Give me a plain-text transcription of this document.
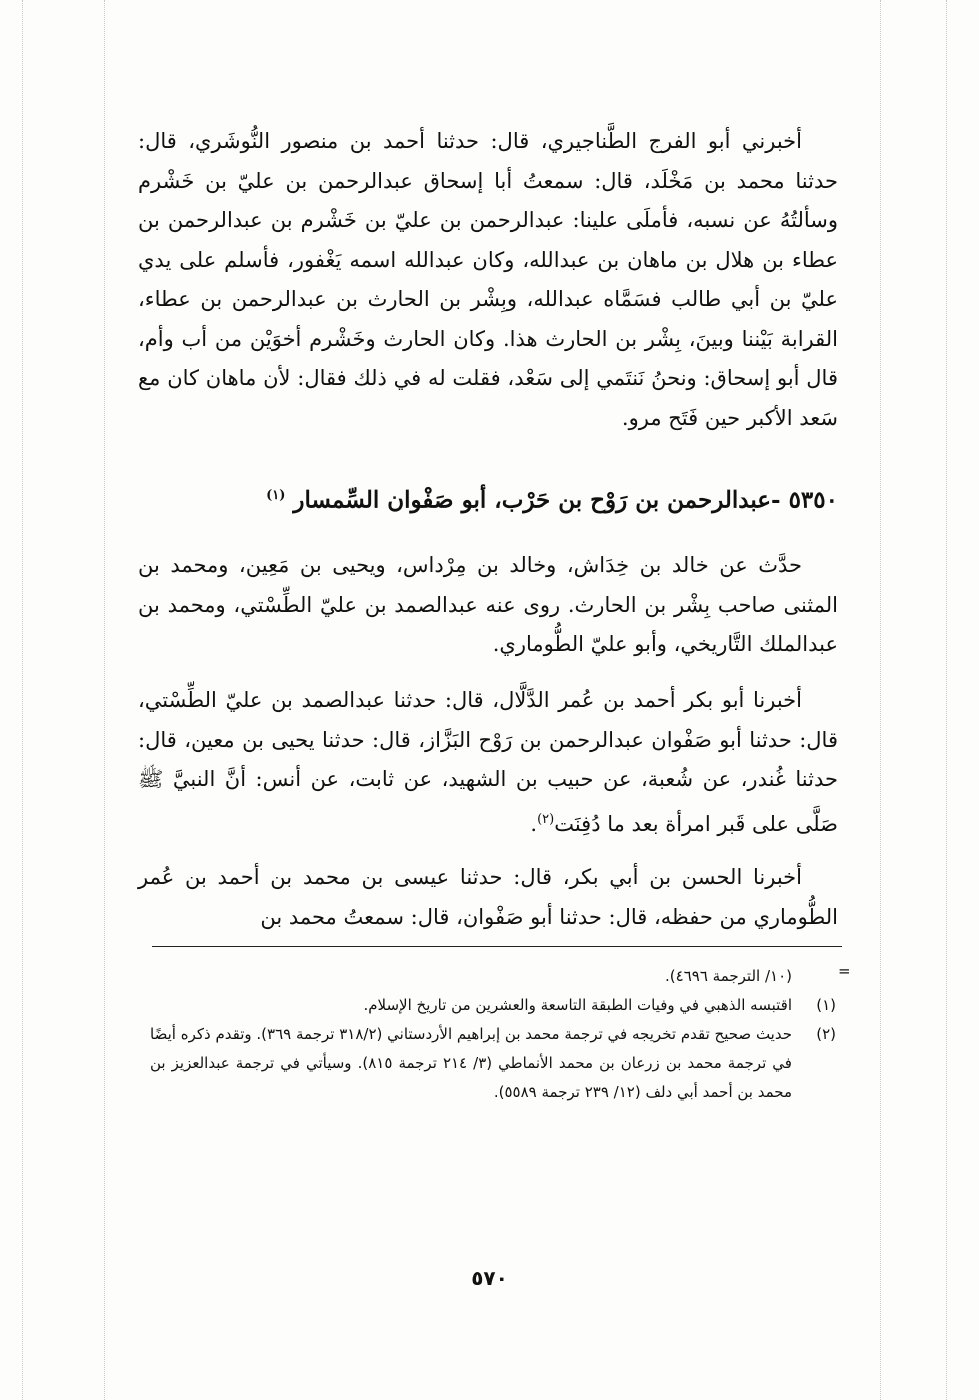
أخبرني أبو الفرج الطَّناجيري، قال: حدثنا أحمد بن منصور النُّوشَري، قال: حدثنا محمد بن مَخْلَد، قال: سمعتُ أبا إسحاق عبدالرحمن بن عليّ بن خَشْرم وسألتُهُ عن نسبه، فأملَى علينا: عبدالرحمن بن عليّ بن خَشْرم بن عبدالرحمن بن عطاء بن هلال بن ماهان بن عبدالله، وكان عبدالله اسمه يَغْفور، فأسلم على يدي عليّ بن أبي طالب فسَمَّاه عبدالله، وبِشْر بن الحارث بن عبدالرحمن بن عطاء، القرابة بَيْننا وبينَ، بِشْر بن الحارث هذا. وكان الحارث وخَشْرم أخوَيْن من أب وأم، قال أبو إسحاق: ونحنُ نَنتَمي إلى سَعْد، فقلت له في ذلك فقال: لأن ماهان كان مع سَعد الأكبر حين فَتَح مرو.

٥٣٥٠ -عبدالرحمن بن رَوْح بن حَرْب، أبو صَفْوان السِّمسار $^{(١)}$

حدَّث عن خالد بن خِدَاش، وخالد بن مِرْداس، ويحيى بن مَعِين، ومحمد بن المثنى صاحب بِشْر بن الحارث. روى عنه عبدالصمد بن عليّ الطِّسْتي، ومحمد بن عبدالملك التَّاريخي، وأبو عليّ الطُّوماري.

أخبرنا أبو بكر أحمد بن عُمر الدَّلَّال، قال: حدثنا عبدالصمد بن عليّ الطِّسْتي، قال: حدثنا أبو صَفْوان عبدالرحمن بن رَوْح البَزَّاز، قال: حدثنا يحيى بن معين، قال: حدثنا غُندر، عن شُعبة، عن حبيب بن الشهيد، عن ثابت، عن أنس: أنَّ النبيَّ ﷺ صَلَّى على قَبر امرأة بعد ما دُفِنَت$^{(٢)}$.

أخبرنا الحسن بن أبي بكر، قال: حدثنا عيسى بن محمد بن أحمد بن عُمر الطُّوماري من حفظه، قال: حدثنا أبو صَفْوان، قال: سمعتُ محمد بن

=
(١٠/ الترجمة ٤٦٩٦).
(١)
اقتبسه الذهبي في وفيات الطبقة التاسعة والعشرين من تاريخ الإسلام.
(٢)
حديث صحيح تقدم تخريجه في ترجمة محمد بن إبراهيم الأردستاني (٣١٨/٢ ترجمة ٣٦٩). وتقدم ذكره أيضًا في ترجمة محمد بن زرعان بن محمد الأنماطي (٣/ ٢١٤ ترجمة ٨١٥). وسيأتي في ترجمة عبدالعزيز بن محمد بن أحمد أبي دلف (١٢/ ٢٣٩ ترجمة ٥٥٨٩).
٥٧٠
